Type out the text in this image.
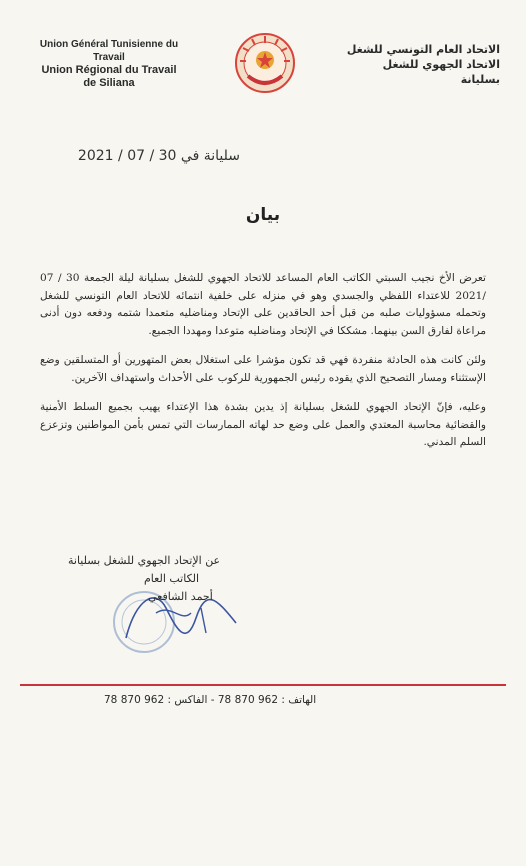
Union Général Tunisienne du Travail
Union Régional du Travail
de Siliana
الاتحاد العام التونسي للشغل
الاتحاد الجهوي للشغل
بسليانة
سليانة في 30 / 07 / 2021
بيان

تعرض الأخ نجيب السبتي الكاتب العام المساعد للاتحاد الجهوي للشغل بسليانة ليلة الجمعة 30 / 07 /2021 للاعتداء اللفظي والجسدي وهو في منزله على خلفية انتمائه للاتحاد العام التونسي للشغل وتحمله مسؤوليات صلبه من قبل أحد الحاقدين على الإتحاد ومناضليه متعمدا شتمه ودفعه دون أدنى مراعاة لفارق السن بينهما. مشككا في الإتحاد ومناضليه متوعدا ومهددا الجميع.

ولئن كانت هذه الحادثة منفردة فهي قد تكون مؤشرا على استغلال بعض المتهورين أو المتسلقين وضع الإستثناء ومسار التصحيح الذي يقوده رئيس الجمهورية للركوب على الأحداث واستهداف الآخرين.

وعليه، فإنّ الإتحاد الجهوي للشغل بسليانة إذ يدين بشدة هذا الإعتداء يهيب بجميع السلط الأمنية والقضائية محاسبة المعتدي والعمل على وضع حد لهاته الممارسات التي تمس بأمن المواطنين وتزعزع السلم المدني.

عن الإتحاد الجهوي للشغل بسليانة
الكاتب العام
أحمد الشافعي
الهاتف : 962 870 78 - الفاكس : 962 870 78
